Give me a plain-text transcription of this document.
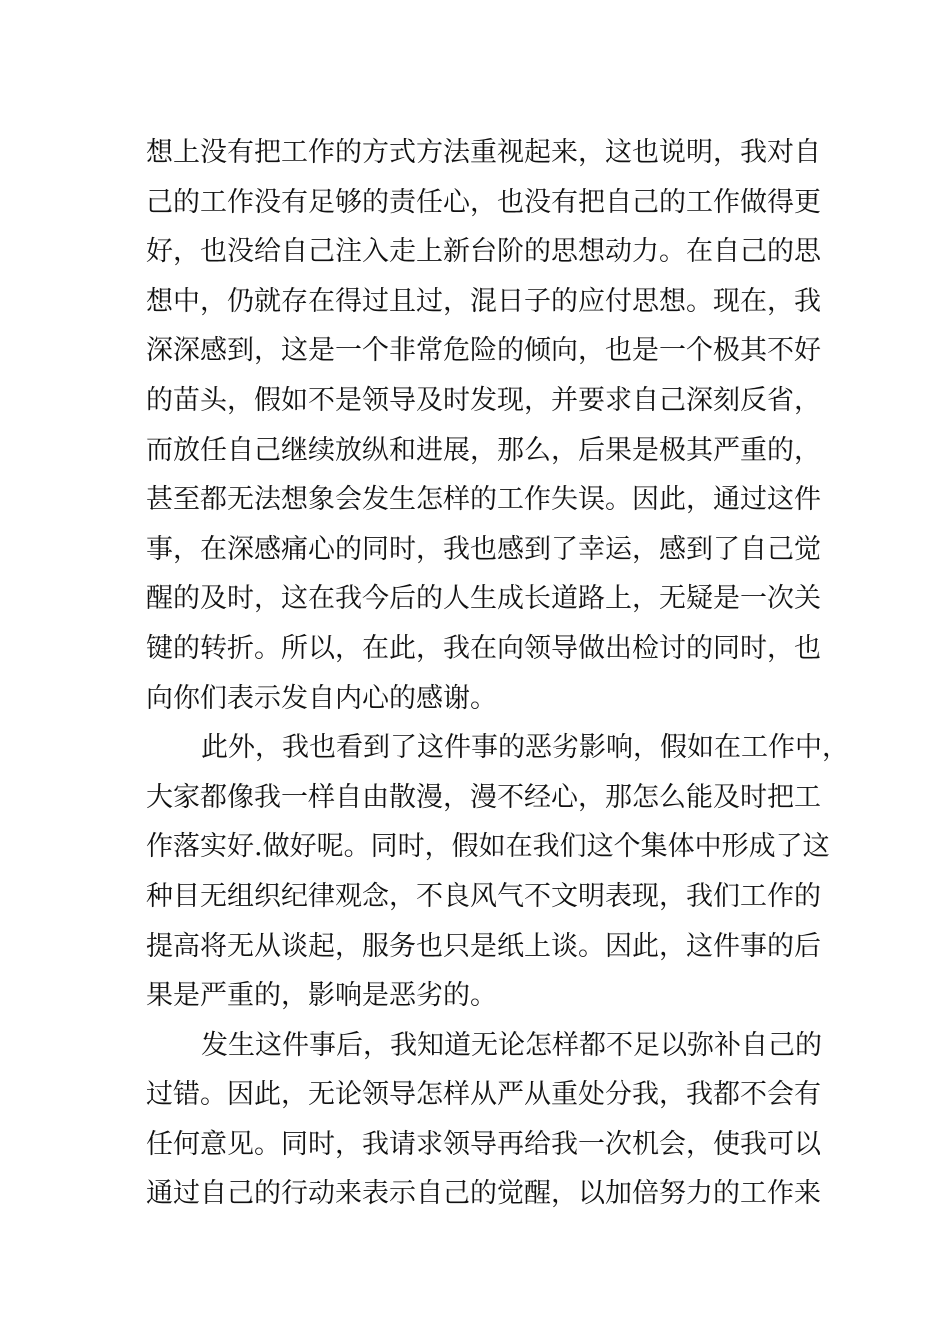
想上没有把工作的方式方法重视起来，这也说明，我对自
己的工作没有足够的责任心，也没有把自己的工作做得更
好，也没给自己注入走上新台阶的思想动力。在自己的思
想中，仍就存在得过且过，混日子的应付思想。现在，我
深深感到，这是一个非常危险的倾向，也是一个极其不好
的苗头，假如不是领导及时发现，并要求自己深刻反省，
而放任自己继续放纵和进展，那么，后果是极其严重的，
甚至都无法想象会发生怎样的工作失误。因此，通过这件
事，在深感痛心的同时，我也感到了幸运，感到了自己觉
醒的及时，这在我今后的人生成长道路上，无疑是一次关
键的转折。所以，在此，我在向领导做出检讨的同时，也
向你们表示发自内心的感谢。
此外，我也看到了这件事的恶劣影响，假如在工作中，
大家都像我一样自由散漫，漫不经心，那怎么能及时把工
作落实好.做好呢。同时，假如在我们这个集体中形成了这
种目无组织纪律观念，不良风气不文明表现，我们工作的
提高将无从谈起，服务也只是纸上谈。因此，这件事的后
果是严重的，影响是恶劣的。
发生这件事后，我知道无论怎样都不足以弥补自己的
过错。因此，无论领导怎样从严从重处分我，我都不会有
任何意见。同时，我请求领导再给我一次机会，使我可以
通过自己的行动来表示自己的觉醒，以加倍努力的工作来
